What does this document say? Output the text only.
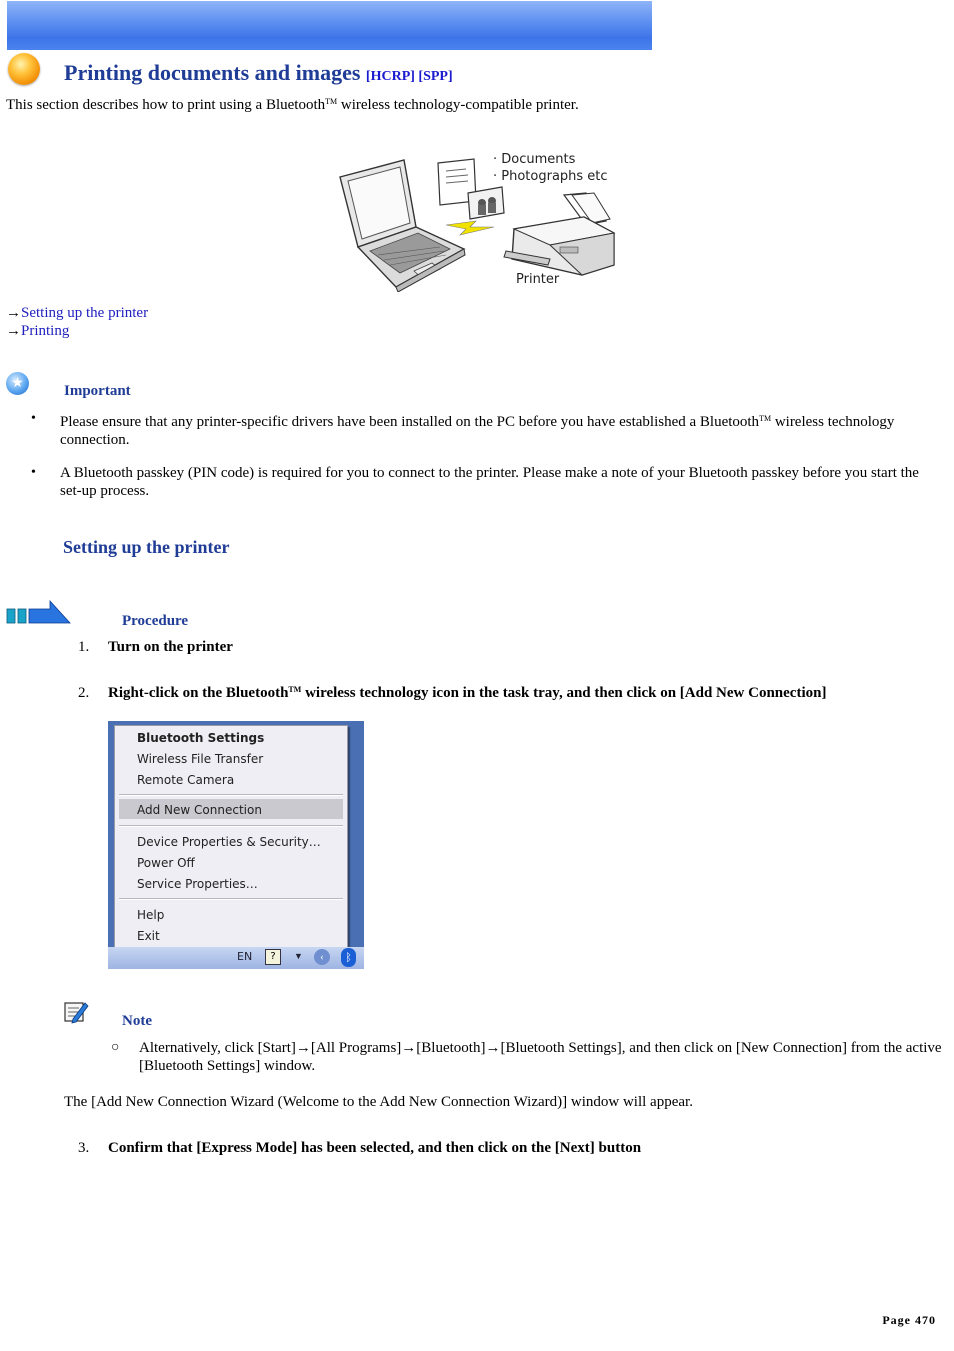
Printing documents and images [HCRP] [SPP]
This section describes how to print using a Bluetooth™ wireless technology-compatible printer.
· Documents
· Photographs etc
Printer
→Setting up the printer
→Printing
★	Important
• Please ensure that any printer-specific drivers have been installed on the PC before you have established a Bluetooth™ wireless technology connection.
• A Bluetooth passkey (PIN code) is required for you to connect to the printer. Please make a note of your Bluetooth passkey before you start the set-up process.
Setting up the printer
Procedure
1. Turn on the printer
2. Right-click on the Bluetooth™ wireless technology icon in the task tray, and then click on [Add New Connection]
Bluetooth Settings
Wireless File Transfer
Remote Camera
Add New Connection
Device Properties & Security…
Power Off
Service Properties…
Help
Exit
EN	?	▼	‹	ᛒ
Note
○ Alternatively, click [Start]→[All Programs]→[Bluetooth]→[Bluetooth Settings], and then click on [New Connection] from the active [Bluetooth Settings] window.
The [Add New Connection Wizard (Welcome to the Add New Connection Wizard)] window will appear.
3. Confirm that [Express Mode] has been selected, and then click on the [Next] button
Page 470
